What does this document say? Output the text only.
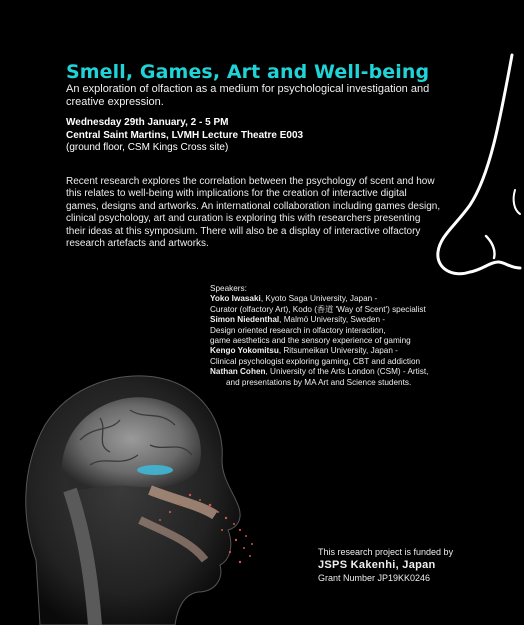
Smell, Games, Art and Well-being
An exploration of olfaction as a medium for psychological investigation and creative expression.
Wednesday 29th January, 2 - 5 PM
Central Saint Martins, LVMH Lecture Theatre E003
(ground floor, CSM Kings Cross site)
Recent research explores the correlation between the psychology of scent and how this relates to well-being with implications for the creation of interactive digital games, designs and artworks. An international collaboration including games design, clinical psychology, art and curation is exploring this with researchers presenting their ideas at this symposium. There will also be a display of interactive olfactory research artefacts and artworks.
Speakers:
Yoko Iwasaki, Kyoto Saga University, Japan -
Curator (olfactory Art), Kodo (香道 'Way of Scent') specialist
Simon Niedenthal, Malmö University, Sweden -
Design oriented research in olfactory interaction,
game aesthetics and the sensory experience of gaming
Kengo Yokomitsu, Ritsumeikan University, Japan -
Clinical psychologist exploring gaming, CBT and addiction
Nathan Cohen, University of the Arts London (CSM) - Artist,
and presentations by MA Art and Science students.
This research project is funded by
JSPS Kakenhi, Japan
Grant Number JP19KK0246
